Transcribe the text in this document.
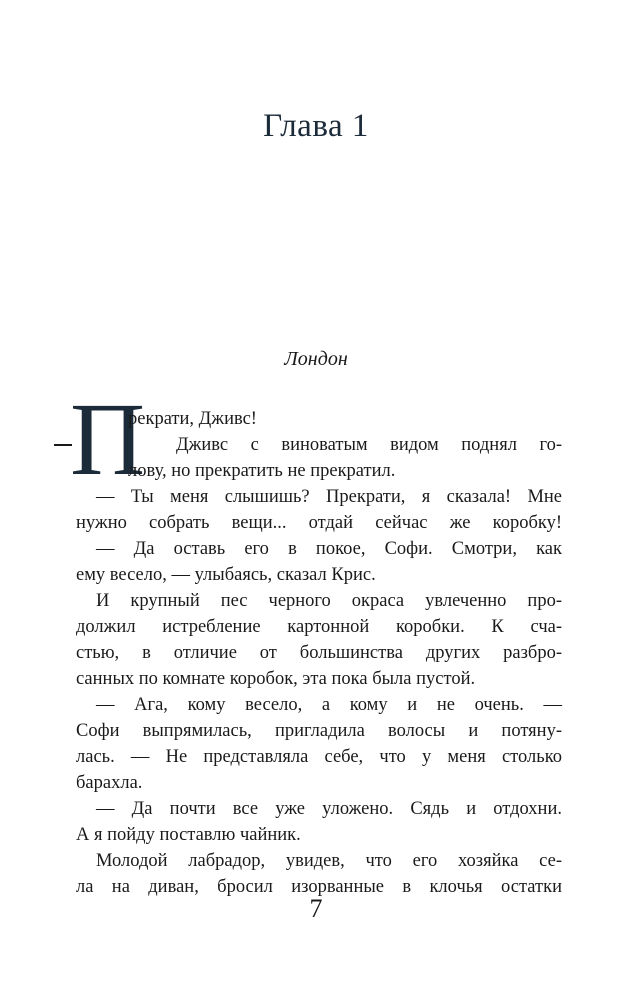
Глава 1
Лондон
П
рекрати, Дживс!
Дживс с виноватым видом поднял го-
лову, но прекратить не прекратил.
— Ты меня слышишь? Прекрати, я сказала! Мне
нужно собрать вещи... отдай сейчас же коробку!
— Да оставь его в покое, Софи. Смотри, как
ему весело, — улыбаясь, сказал Крис.
И крупный пес черного окраса увлеченно про-
должил истребление картонной коробки. К сча-
стью, в отличие от большинства других разбро-
санных по комнате коробок, эта пока была пустой.
— Ага, кому весело, а кому и не очень. —
Софи выпрямилась, пригладила волосы и потяну-
лась. — Не представляла себе, что у меня столько
барахла.
— Да почти все уже уложено. Сядь и отдохни.
А я пойду поставлю чайник.
Молодой лабрадор, увидев, что его хозяйка се-
ла на диван, бросил изорванные в клочья остатки
7
